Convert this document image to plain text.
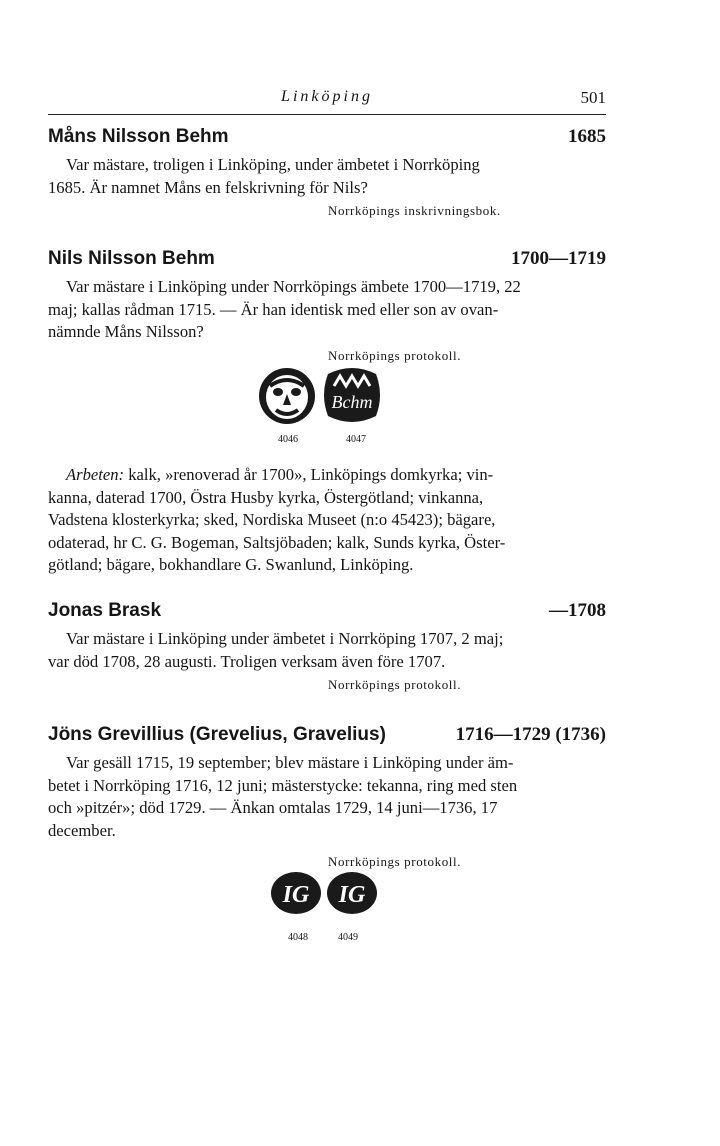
Linköping	501
Måns Nilsson Behm	1685

Var mästare, troligen i Linköping, under ämbetet i Norrköping
1685. Är namnet Måns en felskrivning för Nils?

Norrköpings inskrivningsbok.
Nils Nilsson Behm	1700—1719

Var mästare i Linköping under Norrköpings ämbete 1700—1719, 22
maj; kallas rådman 1715. — Är han identisk med eller son av ovan-
nämnde Måns Nilsson?

Norrköpings protokoll.
Bchm
4046	4047

Arbeten: kalk, »renoverad år 1700», Linköpings domkyrka; vin-
kanna, daterad 1700, Östra Husby kyrka, Östergötland; vinkanna,
Vadstena klosterkyrka; sked, Nordiska Museet (n:o 45423); bägare,
odaterad, hr C. G. Bogeman, Saltsjöbaden; kalk, Sunds kyrka, Öster-
götland; bägare, bokhandlare G. Swanlund, Linköping.

Jonas Brask	—1708

Var mästare i Linköping under ämbetet i Norrköping 1707, 2 maj;
var död 1708, 28 augusti. Troligen verksam även före 1707.

Norrköpings protokoll.
Jöns Grevillius (Grevelius, Gravelius)	1716—1729 (1736)

Var gesäll 1715, 19 september; blev mästare i Linköping under äm-
betet i Norrköping 1716, 12 juni; mästerstycke: tekanna, ring med sten
och »pitzér»; död 1729. — Änkan omtalas 1729, 14 juni—1736, 17
december.

Norrköpings protokoll.
IG IG
4048	4049
